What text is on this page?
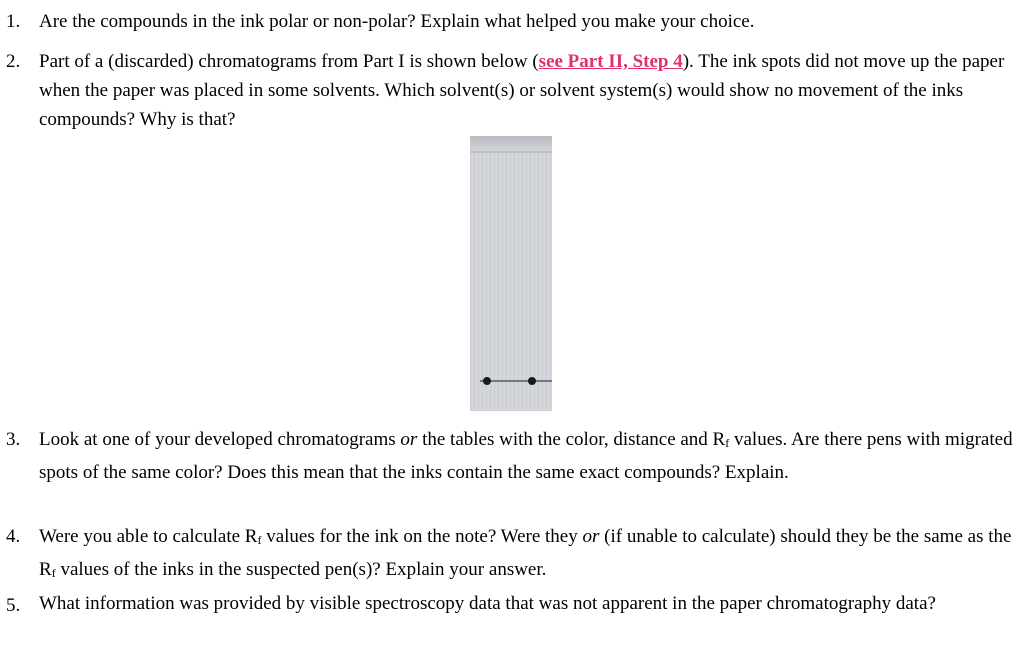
1. Are the compounds in the ink polar or non-polar? Explain what helped you make your choice.
2. Part of a (discarded) chromatograms from Part I is shown below (see Part II, Step 4). The ink spots did not move up the paper when the paper was placed in some solvents. Which solvent(s) or solvent system(s) would show no movement of the inks compounds? Why is that?
3. Look at one of your developed chromatograms or the tables with the color, distance and Rf values. Are there pens with migrated spots of the same color? Does this mean that the inks contain the same exact compounds? Explain.
4. Were you able to calculate Rf values for the ink on the note? Were they or (if unable to calculate) should they be the same as the Rf values of the inks in the suspected pen(s)? Explain your answer.
5. What information was provided by visible spectroscopy data that was not apparent in the paper chromatography data?
